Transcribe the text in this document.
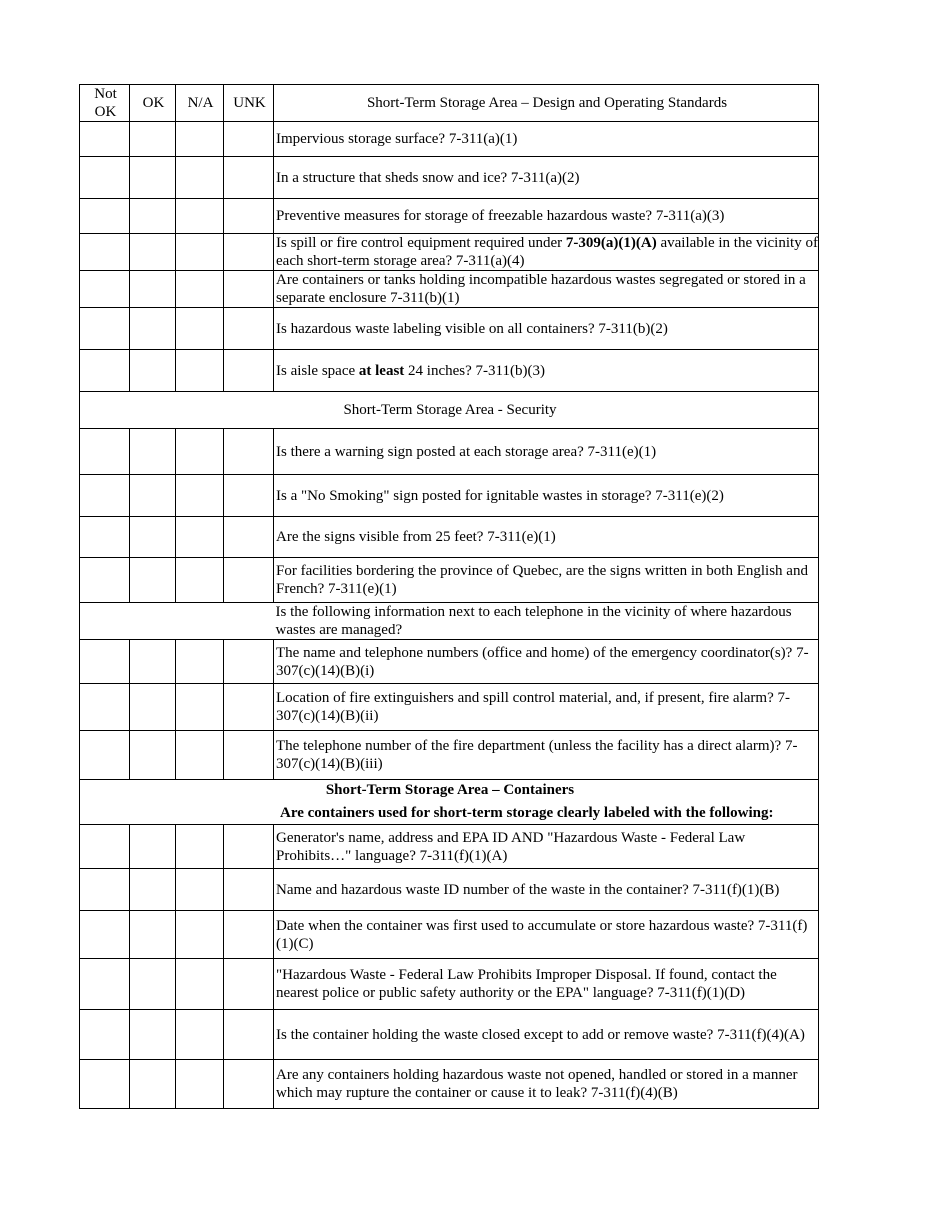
Not OK	OK	N/A	UNK	Short-Term Storage Area – Design and Operating Standards
				Impervious storage surface? 7-311(a)(1)
				In a structure that sheds snow and ice? 7-311(a)(2)
				Preventive measures for storage of freezable hazardous waste? 7-311(a)(3)
				Is spill or fire control equipment required under 7-309(a)(1)(A) available in the vicinity of each short-term storage area? 7-311(a)(4)
				Are containers or tanks holding incompatible hazardous wastes segregated or stored in a separate enclosure 7-311(b)(1)
				Is hazardous waste labeling visible on all containers? 7-311(b)(2)
				Is aisle space at least 24 inches? 7-311(b)(3)
Short-Term Storage Area - Security				
				Is there a warning sign posted at each storage area? 7-311(e)(1)
				Is a "No Smoking" sign posted for ignitable wastes in storage? 7-311(e)(2)
				Are the signs visible from 25 feet? 7-311(e)(1)
				For facilities bordering the province of Quebec, are the signs written in both English and French? 7-311(e)(1)
				Is the following information next to each telephone in the vicinity of where hazardous wastes are managed?
				The name and telephone numbers (office and home) of the emergency coordinator(s)? 7-307(c)(14)(B)(i)
				Location of fire extinguishers and spill control material, and, if present, fire alarm? 7-307(c)(14)(B)(ii)
				The telephone number of the fire department (unless the facility has a direct alarm)? 7-307(c)(14)(B)(iii)

Short-Term Storage Area – Containers
Are containers used for short-term storage clearly labeled with the following:				

				Generator's name, address and EPA ID AND "Hazardous Waste - Federal Law Prohibits…" language? 7-311(f)(1)(A)
				Name and hazardous waste ID number of the waste in the container? 7-311(f)(1)(B)
				Date when the container was first used to accumulate or store hazardous waste? 7-311(f)(1)(C)
				"Hazardous Waste - Federal Law Prohibits Improper Disposal. If found, contact the nearest police or public safety authority or the EPA" language? 7-311(f)(1)(D)
				Is the container holding the waste closed except to add or remove waste? 7-311(f)(4)(A)
				Are any containers holding hazardous waste not opened, handled or stored in a manner which may rupture the container or cause it to leak? 7-311(f)(4)(B)
